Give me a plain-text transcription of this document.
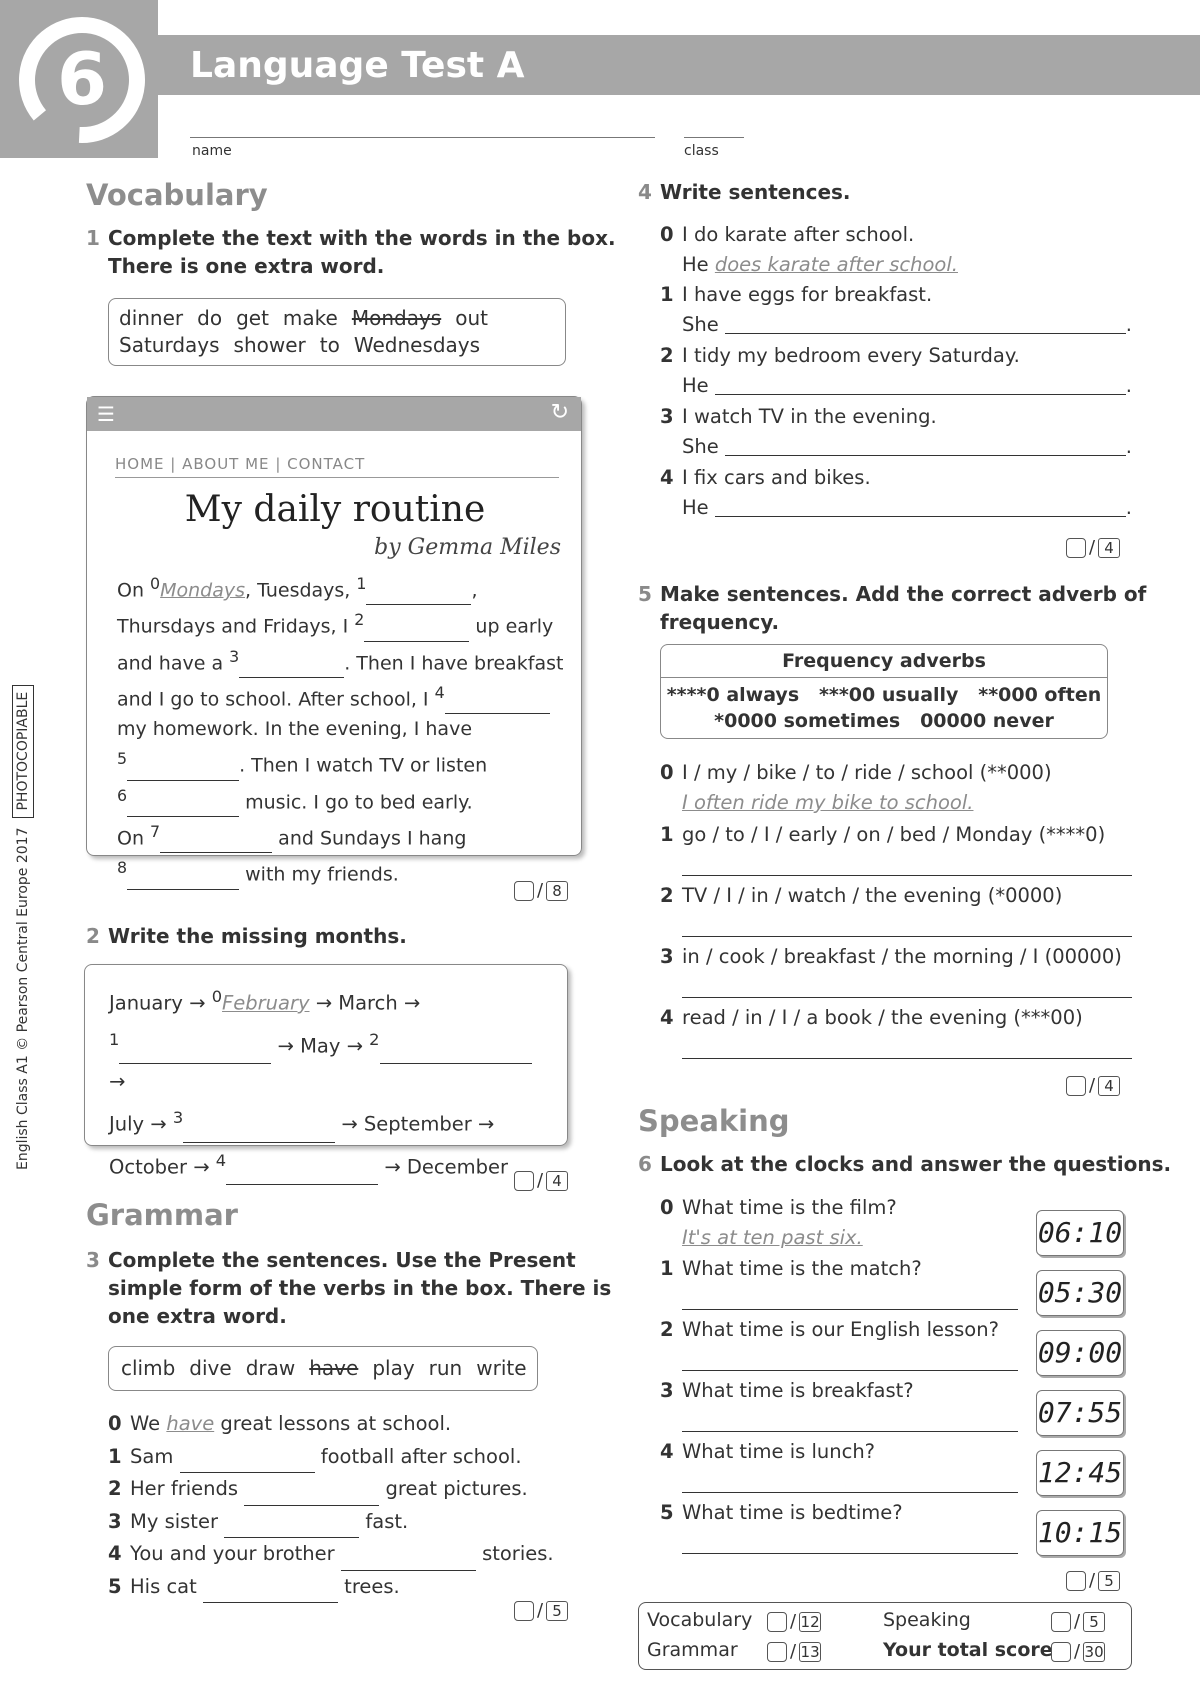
6 Language Test A
name	class
English Class A1 © Pearson Central Europe 2017
PHOTOCOPIABLE
Vocabulary
1 Complete the text with the words in the box.
There is one extra word.
dinner do get make Mondays out
Saturdays shower to Wednesdays
☰	↻
HOME | ABOUT ME | CONTACT
My daily routine
by Gemma Miles
On $^0$Mondays, Tuesdays, $^1$	,
Thursdays and Fridays, I $^2$	up early
and have a $^3$	. Then I have breakfast
and I go to school. After school, I $^4$
my homework. In the evening, I have
$^5$	. Then I watch TV or listen
$^6$	music. I go to bed early.
On $^7$	and Sundays I hang
$^8$	with my friends.
/ 8
2 Write the missing months.
January → $^0$February → March →
$^1$	→ May → $^2$ →
July → $^3$	→ September →
October → $^4$	→ December
/ 4
Grammar
3 Complete the sentences. Use the Present
simple form of the verbs in the box. There is
one extra word.
climb dive draw have play run write
0 We have great lessons at school.
1 Sam	football after school.
2 Her friends	great pictures.
3 My sister	fast.
4 You and your brother	stories.
5 His cat	trees.
/ 5
4 Write sentences.
0 I do karate after school.
He does karate after school.
1 I have eggs for breakfast.
She
	.
2 I tidy my bedroom every Saturday.
He
	.
3 I watch TV in the evening.
She
	.
4 I fix cars and bikes.
He
	.
/ 4
5 Make sentences. Add the correct adverb of
frequency.
Frequency adverbs
****0 always   ***00 usually   **000 often
*0000 sometimes   00000 never
0 I / my / bike / to / ride / school (**000)
I often ride my bike to school.
1 go / to / I / early / on / bed / Monday (****0)
2 TV / I / in / watch / the evening (*0000)
3 in / cook / breakfast / the morning / I (00000)
4 read / in / I / a book / the evening (***00)
/ 4
Speaking
6 Look at the clocks and answer the questions.
0 What time is the film?
It's at ten past six.
1 What time is the match?
2 What time is our English lesson?
3 What time is breakfast?
4 What time is lunch?
5 What time is bedtime?
06:10
05:30
09:00
07:55
12:45
10:15
/ 5
Vocabulary	/ 12
Grammar	/ 13
Speaking	/ 5
Your total score	/ 30
